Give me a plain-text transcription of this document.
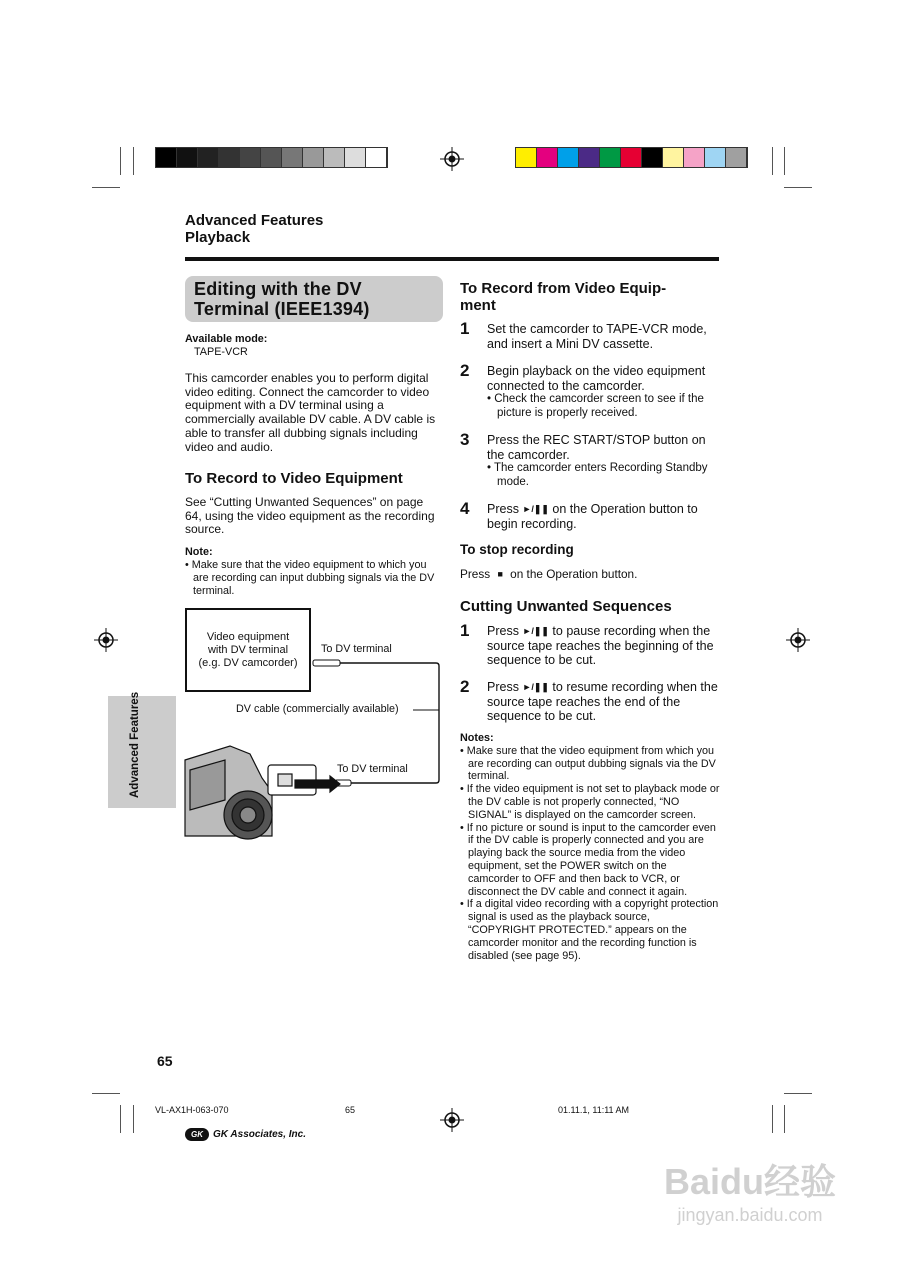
Advanced Features
Playback
Editing with the DV
Terminal (IEEE1394)
Available mode:
TAPE-VCR
This camcorder enables you to perform digital video editing. Connect the camcorder to video equipment with a DV terminal using a commercially available DV cable. A DV cable is able to transfer all dubbing signals including video and audio.
To Record to Video Equipment
See “Cutting Unwanted Sequences” on page 64, using the video equipment as the recording source.
Note:
• Make sure that the video equipment to which you are recording can input dubbing signals via the DV terminal.
Video equipment
with DV terminal
(e.g. DV camcorder)
To DV terminal
DV cable (commercially available)
To DV terminal
Advanced Features
To Record from Video Equip-
ment
1 Set the camcorder to TAPE-VCR mode, and insert a Mini DV cassette.
2 Begin playback on the video equipment connected to the camcorder.
• Check the camcorder screen to see if the picture is properly received.
3 Press the REC START/STOP button on the camcorder.
• The camcorder enters Recording Standby mode.
4 Press ►/❚❚ on the Operation button to begin recording.
To stop recording
Press ■ on the Operation button.
Cutting Unwanted Sequences
1 Press ►/❚❚ to pause recording when the source tape reaches the beginning of the sequence to be cut.
2 Press ►/❚❚ to resume recording when the source tape reaches the end of the sequence to be cut.
Notes:

• Make sure that the video equipment from which you are recording can output dubbing signals via the DV terminal.

• If the video equipment is not set to playback mode or the DV cable is not properly connected, “NO SIGNAL” is displayed on the camcorder screen.

• If no picture or sound is input to the camcorder even if the DV cable is properly connected and you are playing back the source media from the video equipment, set the POWER switch on the camcorder to OFF and then back to VCR, or disconnect the DV cable and connect it again.

• If a digital video recording with a copyright protection signal is used as the playback source, “COPYRIGHT PROTECTED.” appears on the camcorder monitor and the recording function is disabled (see page 95).

65
VL-AX1H-063-070	65	01.11.1, 11:11 AM
GK	GK Associates, Inc.
Baidu经验
jingyan.baidu.com
